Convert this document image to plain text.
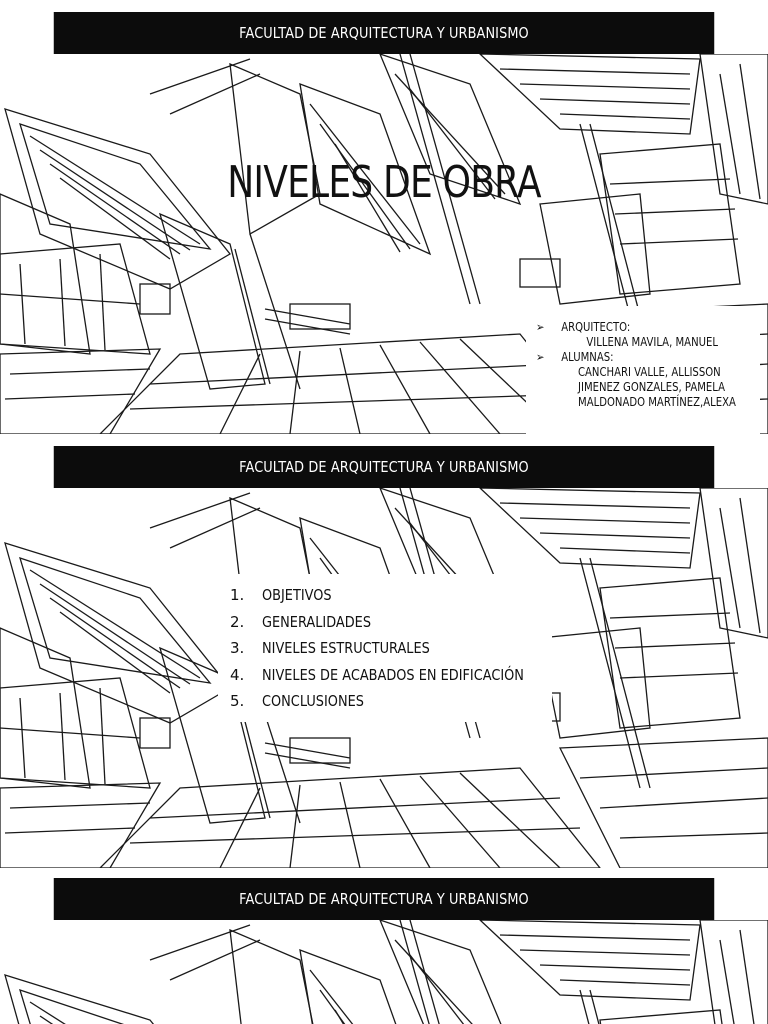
FACULTAD DE ARQUITECTURA Y URBANISMO
NIVELES DE OBRA
➢	ARQUITECTO:
VILLENA MAVILA, MANUEL
➢	ALUMNAS:
CANCHARI VALLE, ALLISSON
JIMENEZ GONZALES, PAMELA
MALDONADO MARTÍNEZ,ALEXA
FACULTAD DE ARQUITECTURA Y URBANISMO
1.	OBJETIVOS
2.	GENERALIDADES
3.	NIVELES ESTRUCTURALES
4.	NIVELES DE ACABADOS EN EDIFICACIÓN
5.	CONCLUSIONES
FACULTAD DE ARQUITECTURA Y URBANISMO
